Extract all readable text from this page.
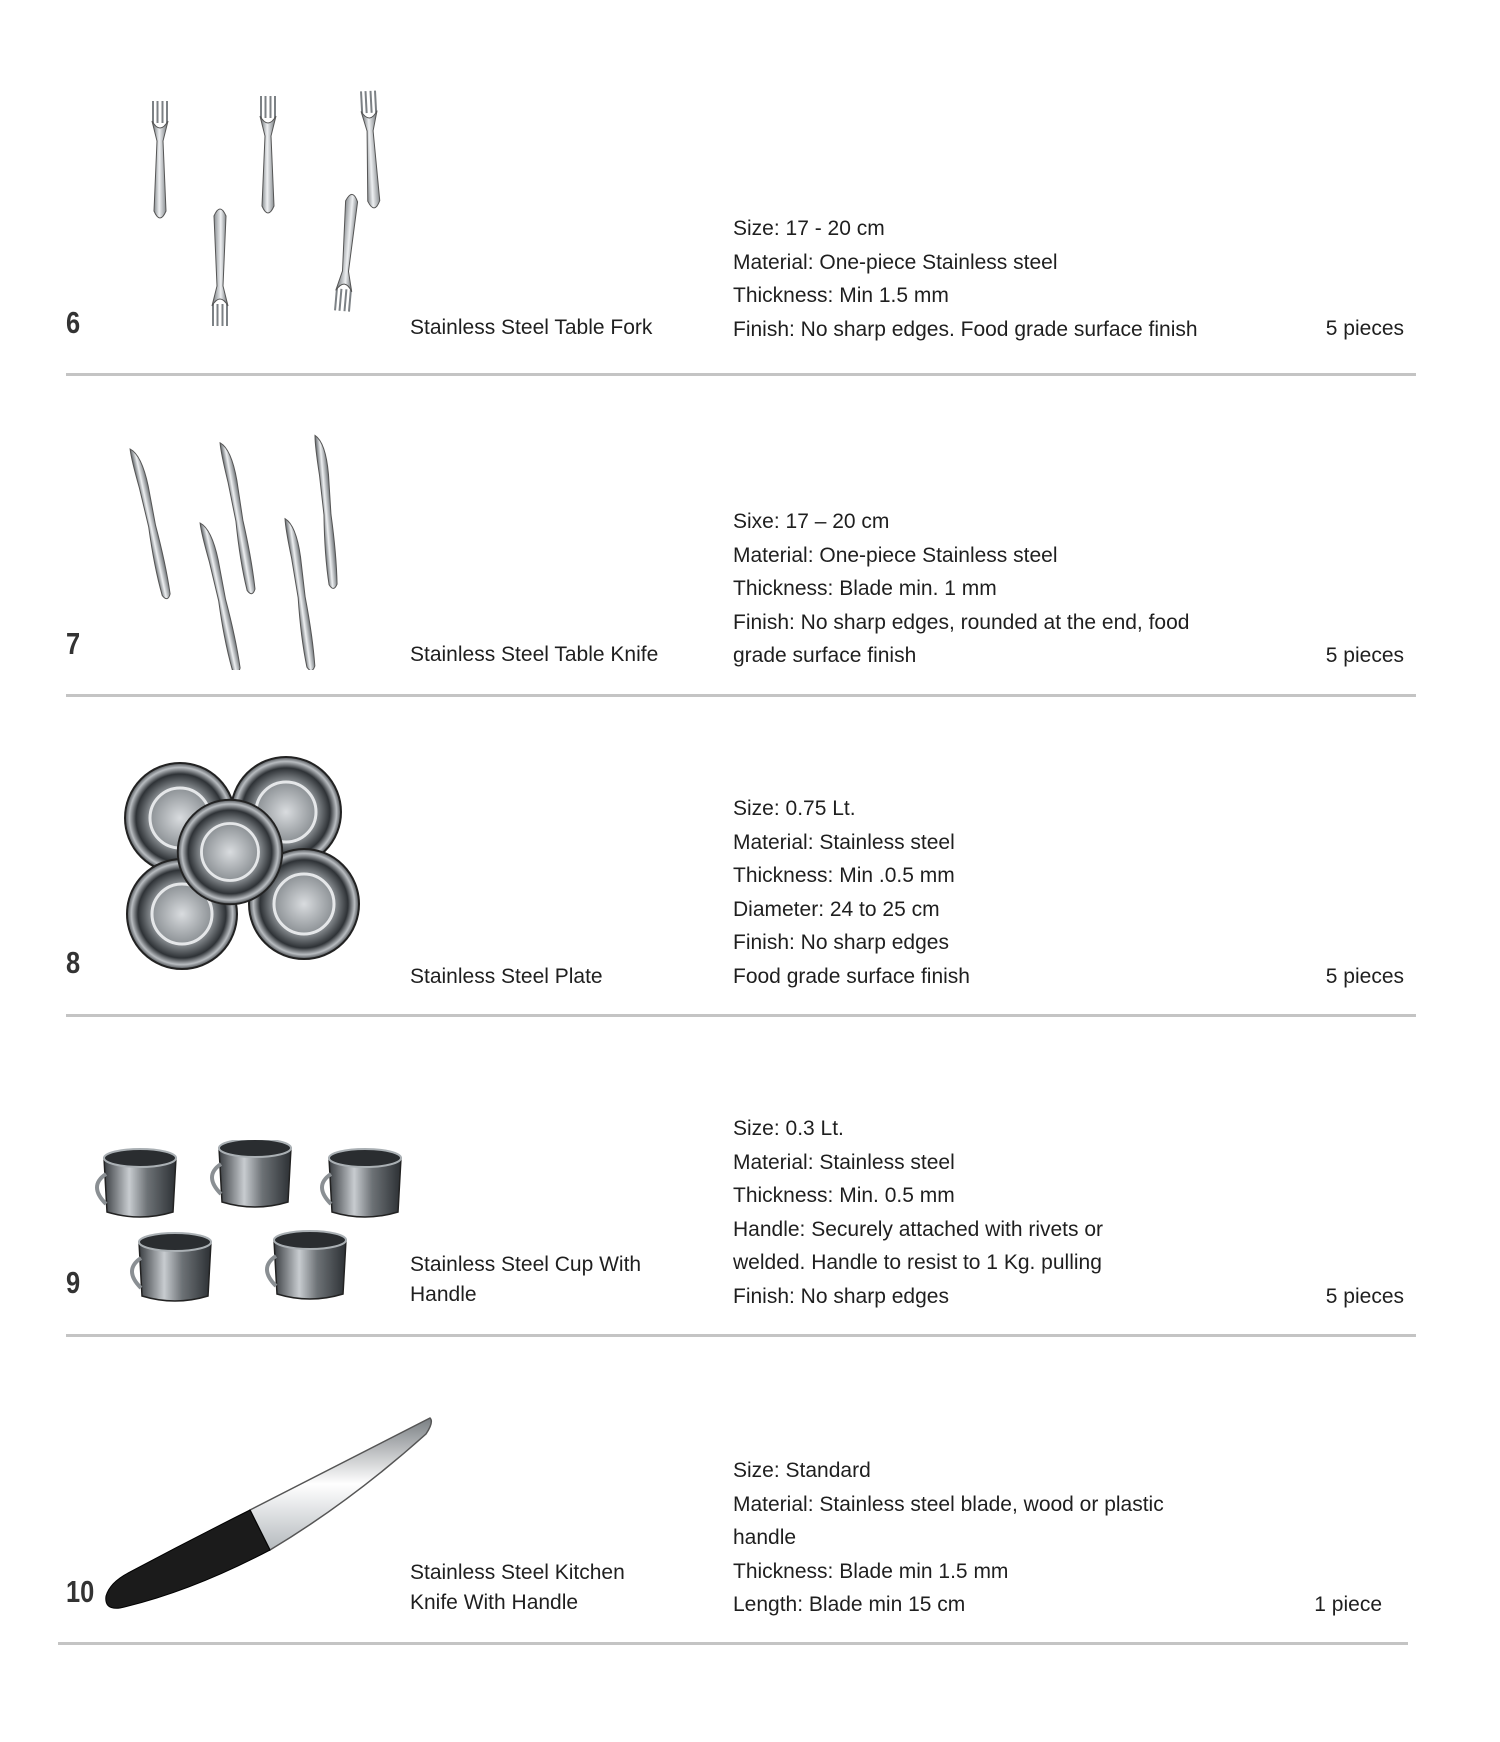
6	Stainless Steel Table Fork
Size: 17 - 20 cm
Material: One-piece Stainless steel
Thickness: Min 1.5 mm
Finish: No sharp edges. Food grade surface finish	5 pieces
7	Stainless Steel Table Knife
Sixe: 17 – 20 cm
Material: One-piece Stainless steel
Thickness: Blade min. 1 mm
Finish: No sharp edges, rounded at the end, food
grade surface finish	5 pieces
8	Stainless Steel Plate
Size: 0.75 Lt.
Material: Stainless steel
Thickness: Min .0.5 mm
Diameter: 24 to 25 cm
Finish: No sharp edges
Food grade surface finish	5 pieces
9
Stainless Steel Cup With
Handle
Size: 0.3 Lt.
Material: Stainless steel
Thickness: Min. 0.5 mm
Handle: Securely attached with rivets or
welded. Handle to resist to 1 Kg. pulling
Finish: No sharp edges	5 pieces
10
Stainless Steel Kitchen
Knife With Handle
Size: Standard
Material: Stainless steel blade, wood or plastic
handle
Thickness: Blade min 1.5 mm
Length: Blade min 15 cm	1 piece
